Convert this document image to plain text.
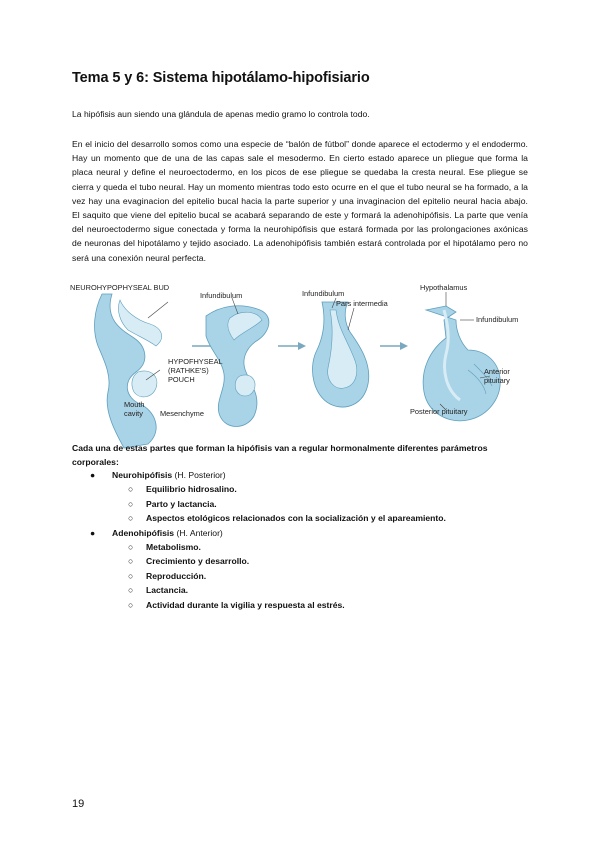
Tema 5 y 6: Sistema hipotálamo-hipofisiario
La hipófisis aun siendo una glándula de apenas medio gramo lo controla todo.
En el inicio del desarrollo somos como una especie de “balón de fútbol” donde aparece el ectodermo y el endodermo. Hay un momento que de una de las capas sale el mesodermo. En cierto estado aparece un pliegue que forma la placa neural y define el neuroectodermo, en los picos de ese pliegue se quedaba la cresta neural. Ese pliegue se cierra y queda el tubo neural. Hay un momento mientras todo esto ocurre en el que el tubo neural se ha formado, a la vez hay una evaginacion del epitelio bucal hacia la parte superior y una invaginacion del epitelio neural hacia abajo. El saquito que viene del epitelio bucal se acabará separando de este y formará la adenohipófisis. La parte que venía del neuroectodermo sigue conectada y forma la neurohipófisis que estará formada por las prolongaciones axónicas de neuronas del hipotálamo y tejido asociado. La adenohipófisis también estará controlada por el hipotálamo pero no será una conexión neural perfecta.
NEUROHYPOPHYSEAL BUD
Infundibulum	Infundibulum
Pars intermedia
Hypothalamus
Infundibulum
HYPOFHYSEAL
(RATHKE'S)
POUCH
Mouth
cavity Mesenchyme
Anterior
pituitary
Posterior pituitary
Cada una de estas partes que forman la hipófisis van a regular hormonalmente diferentes parámetros corporales:
● Neurohipófisis (H. Posterior)
○ Equilibrio hidrosalino.
○ Parto y lactancia.
○ Aspectos etológicos relacionados con la socialización y el apareamiento.
● Adenohipófisis (H. Anterior)
○ Metabolismo.
○ Crecimiento y desarrollo.
○ Reproducción.
○ Lactancia.
○ Actividad durante la vigilia y respuesta al estrés.
19
